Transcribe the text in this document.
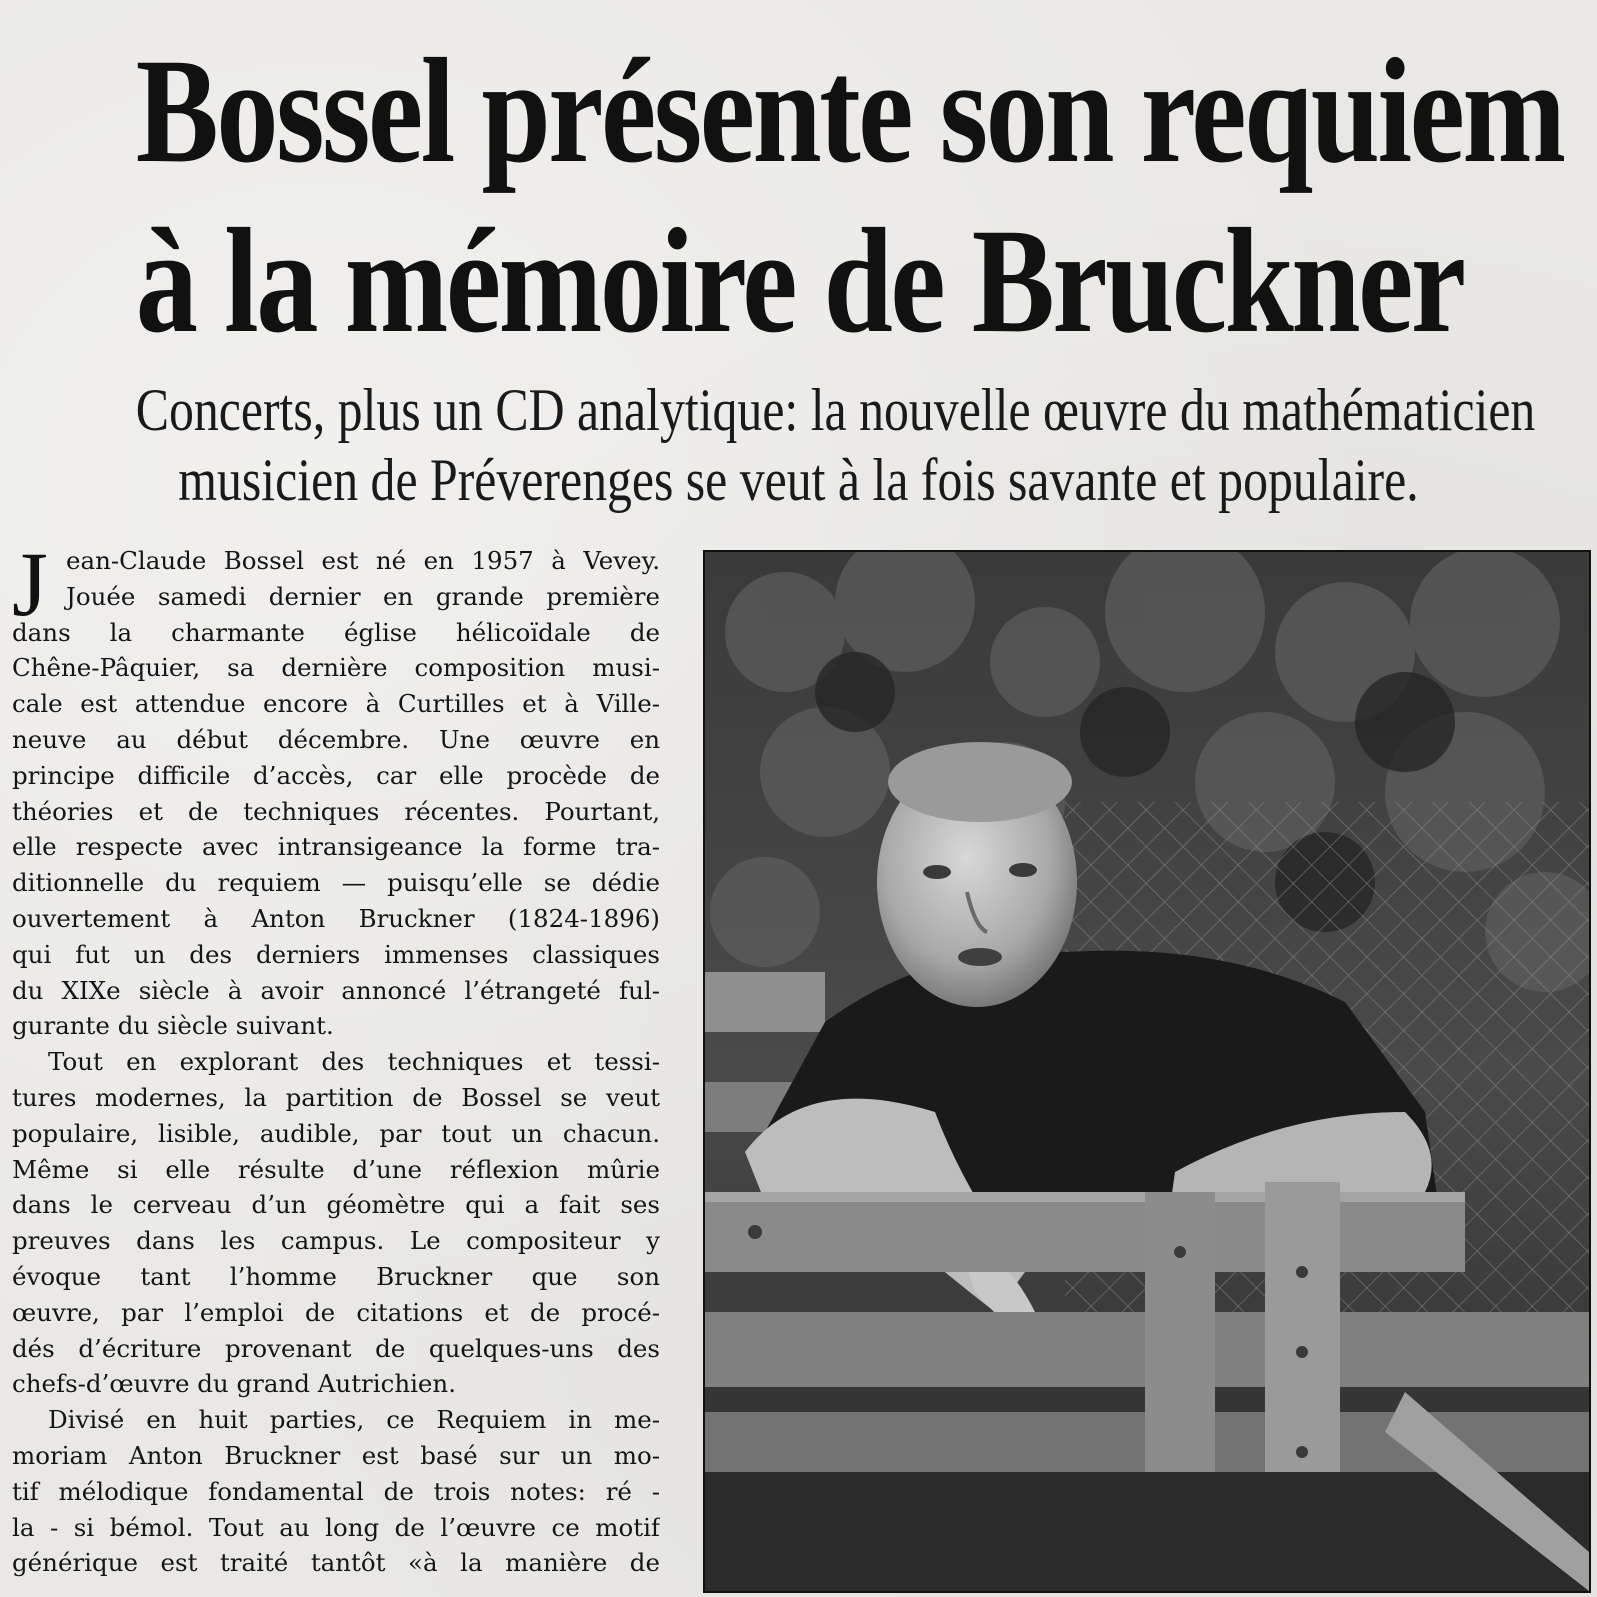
Bossel présente son requiem
à la mémoire de Bruckner
Concerts, plus un CD analytique: la nouvelle œuvre du mathématicien
musicien de Préverenges se veut à la fois savante et populaire.
J ean-Claude Bossel est né en 1957 à Vevey.
Jouée samedi dernier en grande première
dans la charmante église hélicoïdale de
Chêne-Pâquier, sa dernière composition musi-
cale est attendue encore à Curtilles et à Ville-
neuve au début décembre. Une œuvre en
principe difficile d’accès, car elle procède de
théories et de techniques récentes. Pourtant,
elle respecte avec intransigeance la forme tra-
ditionnelle du requiem — puisqu’elle se dédie
ouvertement à Anton Bruckner (1824-1896)
qui fut un des derniers immenses classiques
du XIXe siècle à avoir annoncé l’étrangeté ful-
gurante du siècle suivant.
Tout en explorant des techniques et tessi-
tures modernes, la partition de Bossel se veut
populaire, lisible, audible, par tout un chacun.
Même si elle résulte d’une réflexion mûrie
dans le cerveau d’un géomètre qui a fait ses
preuves dans les campus. Le compositeur y
évoque tant l’homme Bruckner que son
œuvre, par l’emploi de citations et de procé-
dés d’écriture provenant de quelques-uns des
chefs-d’œuvre du grand Autrichien.
Divisé en huit parties, ce Requiem in me-
moriam Anton Bruckner est basé sur un mo-
tif mélodique fondamental de trois notes: ré -
la - si bémol. Tout au long de l’œuvre ce motif
générique est traité tantôt «à la manière de
